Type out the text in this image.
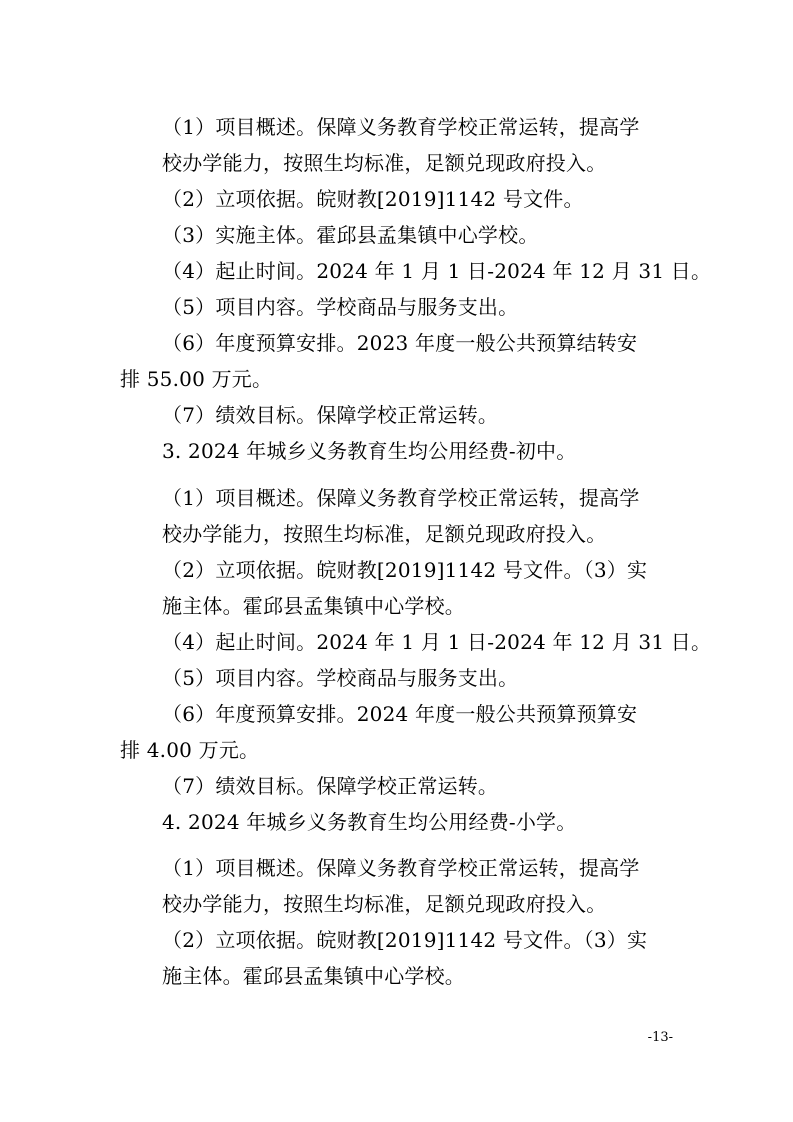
（1）项目概述。保障义务教育学校正常运转，提高学
校办学能力，按照生均标准，足额兑现政府投入。
（2）立项依据。皖财教[2019]1142 号文件。
（3）实施主体。霍邱县孟集镇中心学校。
（4）起止时间。2024 年 1 月 1 日-2024 年 12 月 31 日。
（5）项目内容。学校商品与服务支出。
（6）年度预算安排。2023 年度一般公共预算结转安
排 55.00 万元。
（7）绩效目标。保障学校正常运转。
3. 2024 年城乡义务教育生均公用经费-初中。
（1）项目概述。保障义务教育学校正常运转，提高学
校办学能力，按照生均标准，足额兑现政府投入。
（2）立项依据。皖财教[2019]1142 号文件。（3）实
施主体。霍邱县孟集镇中心学校。
（4）起止时间。2024 年 1 月 1 日-2024 年 12 月 31 日。
（5）项目内容。学校商品与服务支出。
（6）年度预算安排。2024 年度一般公共预算预算安
排 4.00 万元。
（7）绩效目标。保障学校正常运转。
4. 2024 年城乡义务教育生均公用经费-小学。
（1）项目概述。保障义务教育学校正常运转，提高学
校办学能力，按照生均标准，足额兑现政府投入。
（2）立项依据。皖财教[2019]1142 号文件。（3）实
施主体。霍邱县孟集镇中心学校。
-13-
